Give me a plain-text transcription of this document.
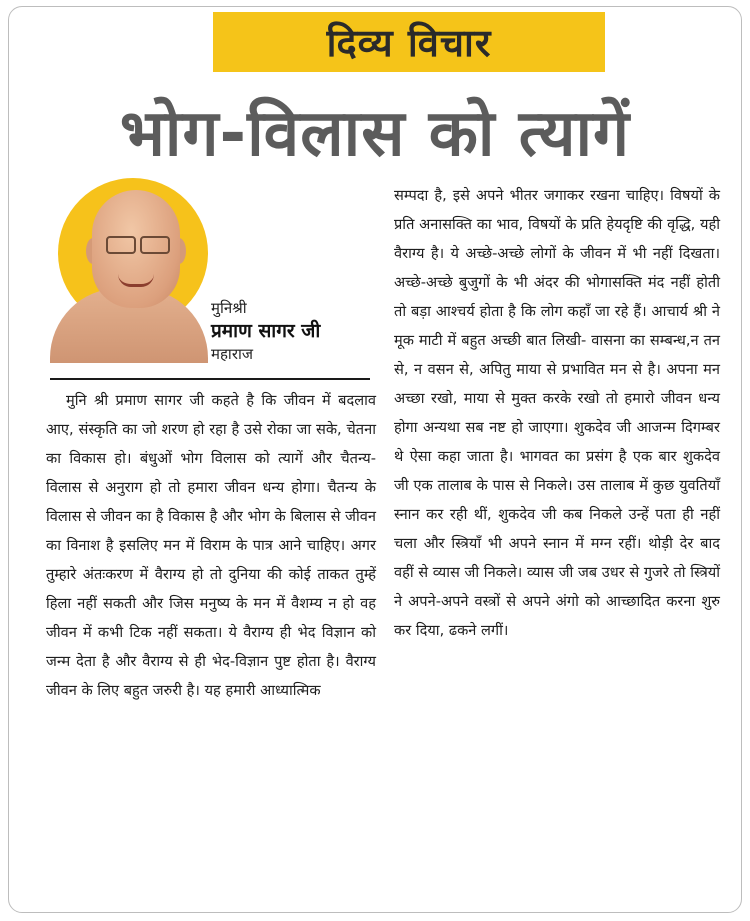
दिव्य विचार
भोग-विलास को त्यागें
मुनिश्री
प्रमाण सागर जी
महाराज
मुनि श्री प्रमाण सागर जी कहते है कि जीवन में बदलाव आए, संस्कृति का जो शरण हो रहा है उसे रोका जा सके, चेतना का विकास हो। बंधुओं भोग विलास को त्यागें और चैतन्य- विलास से अनुराग हो तो हमारा जीवन धन्य होगा। चैतन्य के विलास से जीवन का है विकास है और भोग के बिलास से जीवन का विनाश है इसलिए मन में विराम के पात्र आने चाहिए। अगर तुम्हारे अंतःकरण में वैराग्य हो तो दुनिया की कोई ताकत तुम्हें हिला नहीं सकती और जिस मनुष्य के मन में वैशम्य न हो वह जीवन में कभी टिक नहीं सकता। ये वैराग्य ही भेद विज्ञान को जन्म देता है और वैराग्य से ही भेद-विज्ञान पुष्ट होता है। वैराग्य जीवन के लिए बहुत जरुरी है। यह हमारी आध्यात्मिक
सम्पदा है, इसे अपने भीतर जगाकर रखना चाहिए। विषयों के प्रति अनासक्ति का भाव, विषयों के प्रति हेयदृष्टि की वृद्धि, यही वैराग्य है। ये अच्छे-अच्छे लोगों के जीवन में भी नहीं दिखता। अच्छे-अच्छे बुजुगों के भी अंदर की भोगासक्ति मंद नहीं होती तो बड़ा आश्चर्य होता है कि लोग कहाँ जा रहे हैं। आचार्य श्री ने मूक माटी में बहुत अच्छी बात लिखी- वासना का सम्बन्ध,न तन से, न वसन से, अपितु माया से प्रभावित मन से है। अपना मन अच्छा रखो, माया से मुक्त करके रखो तो हमारो जीवन धन्य होगा अन्यथा सब नष्ट हो जाएगा। शुकदेव जी आजन्म दिगम्बर थे ऐसा कहा जाता है। भागवत का प्रसंग है एक बार शुकदेव जी एक तालाब के पास से निकले। उस तालाब में कुछ युवतियाँ स्नान कर रही थीं, शुकदेव जी कब निकले उन्हें पता ही नहीं चला और स्त्रियाँ भी अपने स्नान में मग्न रहीं। थोड़ी देर बाद वहीं से व्यास जी निकले। व्यास जी जब उधर से गुजरे तो स्त्रियों ने अपने-अपने वस्त्रों से अपने अंगो को आच्छादित करना शुरु कर दिया, ढकने लगीं।
